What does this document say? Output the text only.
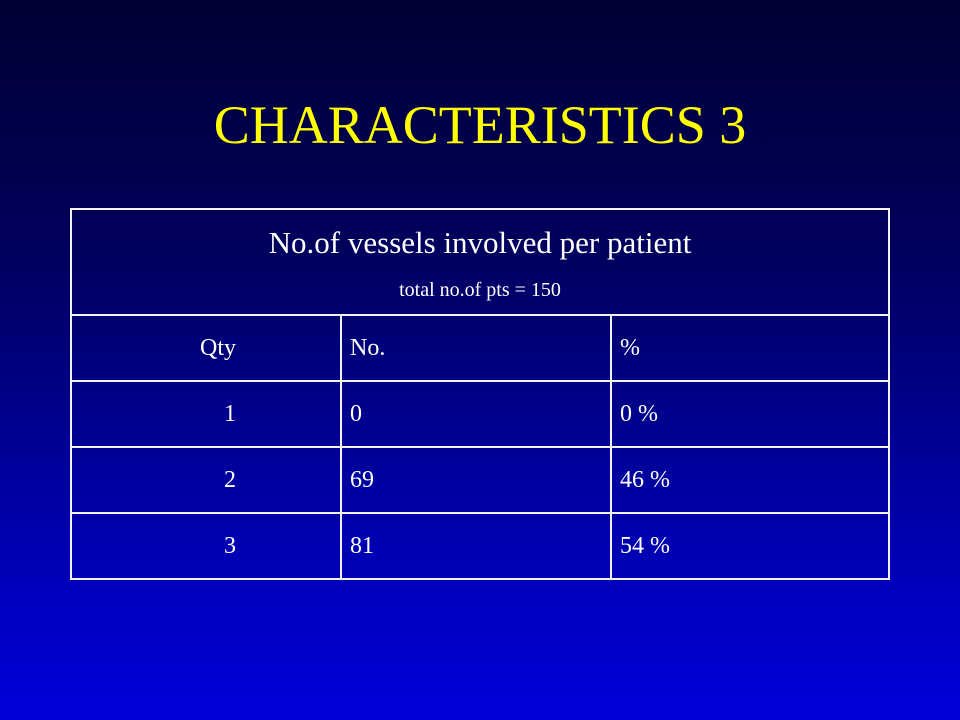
CHARACTERISTICS 3
No.of vessels involved per patient
total no.of pts = 150		

Qty	No.	%
1	0	0 %
2	69	46 %
3	81	54 %
